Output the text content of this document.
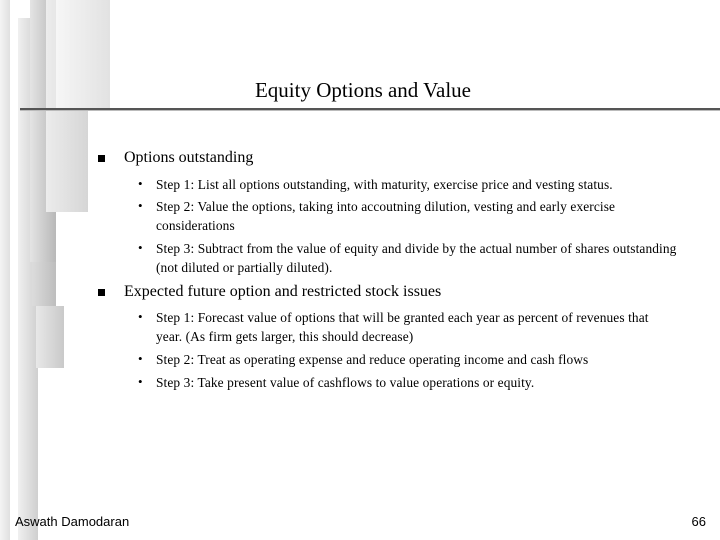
Equity Options and Value
Options outstanding
• Step 1: List all options outstanding, with maturity, exercise price and vesting status.
• Step 2: Value the options, taking into accoutning dilution, vesting and early exercise considerations
• Step 3: Subtract from the value of equity and divide by the actual number of shares outstanding (not diluted or partially diluted).
Expected future option and restricted stock issues
• Step 1: Forecast value of options that will be granted each year as percent of revenues that year. (As firm gets larger, this should decrease)
• Step 2: Treat as operating expense and reduce operating income and cash flows
• Step 3: Take present value of cashflows to value operations or equity.
Aswath Damodaran	66
